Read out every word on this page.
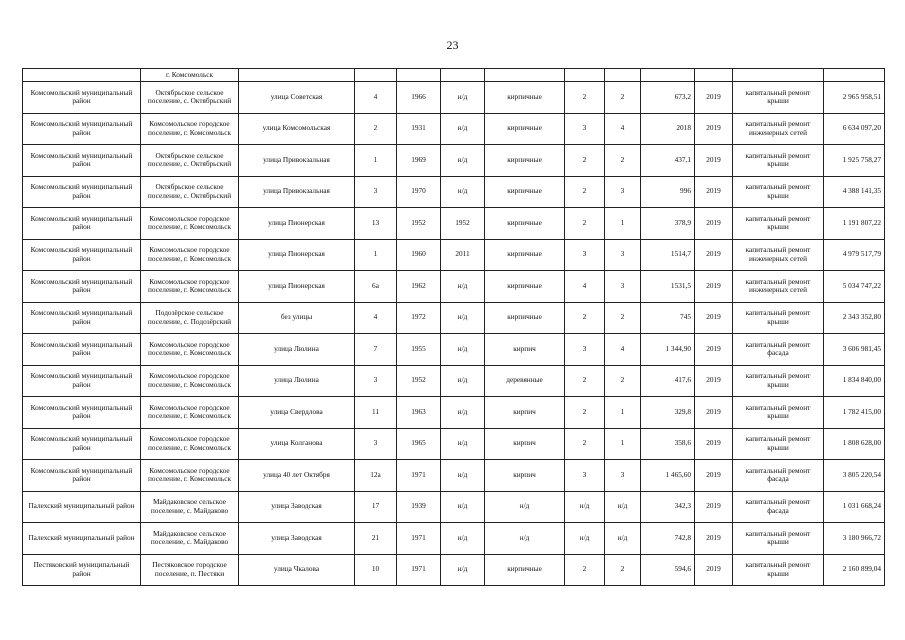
23
	г. Комсомольск											
Комсомольский муниципальный район	Октябрьское сельское поселение, с. Октябрьский	улица Советская	4	1966	н/д	кирпичные	2	2	673,2	2019	капитальный ремонт крыши	2 965 958,51
Комсомольский муниципальный район	Комсомольское городское поселение, г. Комсомольск	улица Комсомольская	2	1931	н/д	кирпичные	3	4	2018	2019	капитальный ремонт инженерных сетей	6 634 097,20
Комсомольский муниципальный район	Октябрьское сельское поселение, с. Октябрьский	улица Привокзальная	1	1969	н/д	кирпичные	2	2	437,1	2019	капитальный ремонт крыши	1 925 758,27
Комсомольский муниципальный район	Октябрьское сельское поселение, с. Октябрьский	улица Привокзальная	3	1970	н/д	кирпичные	2	3	996	2019	капитальный ремонт крыши	4 388 141,35
Комсомольский муниципальный район	Комсомольское городское поселение, г. Комсомольск	улица Пионерская	13	1952	1952	кирпичные	2	1	378,9	2019	капитальный ремонт крыши	1 191 807,22
Комсомольский муниципальный район	Комсомольское городское поселение, г. Комсомольск	улица Пионерская	1	1960	2011	кирпичные	3	3	1514,7	2019	капитальный ремонт инженерных сетей	4 979 517,79
Комсомольский муниципальный район	Комсомольское городское поселение, г. Комсомольск	улица Пионерская	6а	1962	н/д	кирпичные	4	3	1531,5	2019	капитальный ремонт инженерных сетей	5 034 747,22
Комсомольский муниципальный район	Подозёрское сельское поселение, с. Подозёрский	без улицы	4	1972	н/д	кирпичные	2	2	745	2019	капитальный ремонт крыши	2 343 352,80
Комсомольский муниципальный район	Комсомольское городское поселение, г. Комсомольск	улица Люлина	7	1955	н/д	кирпич	3	4	1 344,90	2019	капитальный ремонт фасада	3 606 981,45
Комсомольский муниципальный район	Комсомольское городское поселение, г. Комсомольск	улица Люлина	3	1952	н/д	деревянные	2	2	417,6	2019	капитальный ремонт крыши	1 834 840,00
Комсомольский муниципальный район	Комсомольское городское поселение, г. Комсомольск	улица Свердлова	11	1963	н/д	кирпич	2	1	329,8	2019	капитальный ремонт крыши	1 782 415,00
Комсомольский муниципальный район	Комсомольское городское поселение, г. Комсомольск	улица Колганова	3	1965	н/д	кирпич	2	1	358,6	2019	капитальный ремонт крыши	1 808 628,00
Комсомольский муниципальный район	Комсомольское городское поселение, г. Комсомольск	улица 40 лет Октября	12а	1971	н/д	кирпич	3	3	1 465,60	2019	капитальный ремонт фасада	3 805 220,54
Палехский муниципальный район	Майдаковское сельское поселение, с. Майдаково	улица Заводская	17	1939	н/д	н/д	н/д	н/д	342,3	2019	капитальный ремонт фасада	1 031 668,24
Палехский муниципальный район	Майдаковское сельское поселение, с. Майдаково	улица Заводская	21	1971	н/д	н/д	н/д	н/д	742,8	2019	капитальный ремонт крыши	3 180 966,72
Пестяковский муниципальный район	Пестяковское городское поселение, п. Пестяки	улица Чкалова	10	1971	н/д	кирпичные	2	2	594,6	2019	капитальный ремонт крыши	2 160 899,04
